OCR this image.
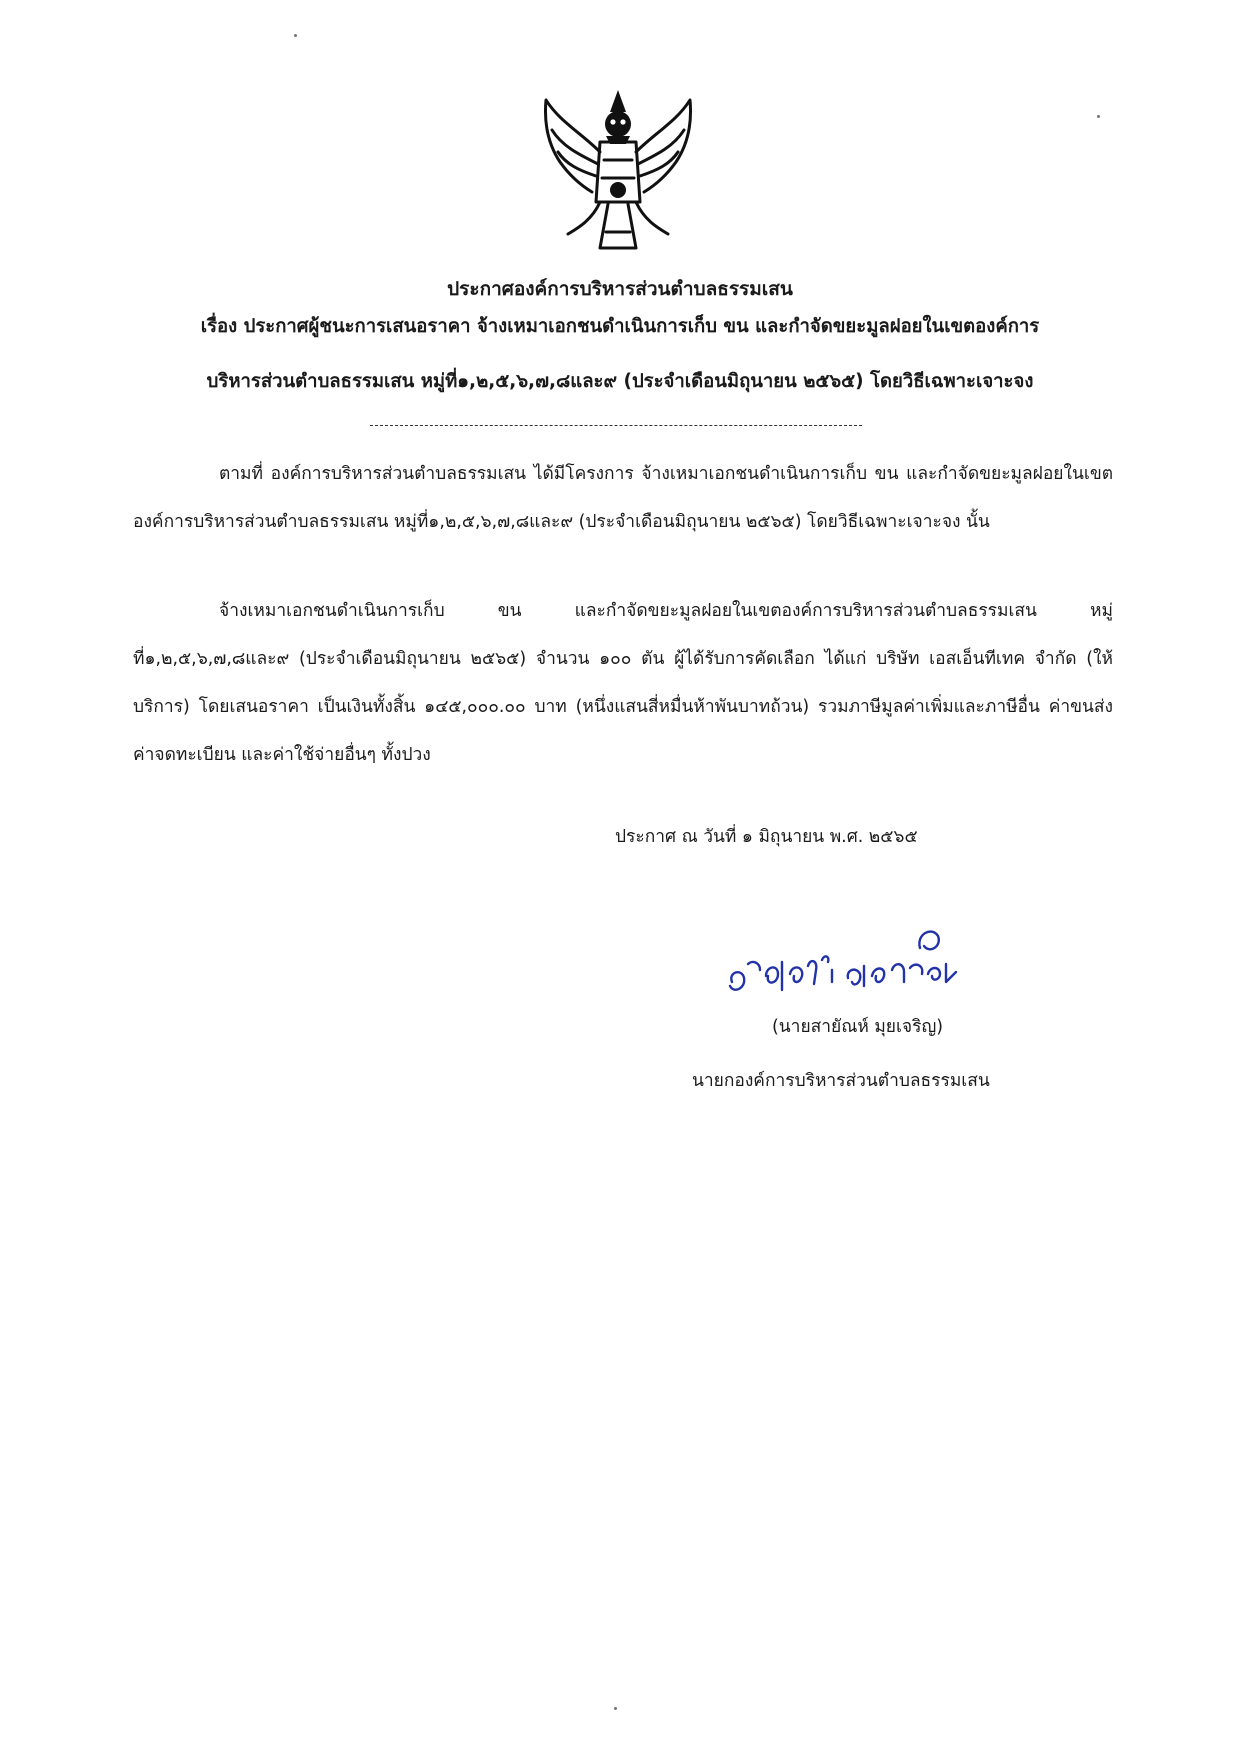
ประกาศองค์การบริหารส่วนตำบลธรรมเสน
เรื่อง ประกาศผู้ชนะการเสนอราคา จ้างเหมาเอกชนดำเนินการเก็บ ขน และกำจัดขยะมูลฝอยในเขตองค์การ
บริหารส่วนตำบลธรรมเสน หมู่ที่๑,๒,๕,๖,๗,๘และ๙ (ประจำเดือนมิถุนายน ๒๕๖๕) โดยวิธีเฉพาะเจาะจง

ตามที่ องค์การบริหารส่วนตำบลธรรมเสน ได้มีโครงการ จ้างเหมาเอกชนดำเนินการเก็บ ขน และกำจัดขยะมูลฝอยในเขตองค์การบริหารส่วนตำบลธรรมเสน หมู่ที่๑,๒,๕,๖,๗,๘และ๙ (ประจำเดือนมิถุนายน ๒๕๖๕) โดยวิธีเฉพาะเจาะจง นั้น

จ้างเหมาเอกชนดำเนินการเก็บ ขน และกำจัดขยะมูลฝอยในเขตองค์การบริหารส่วนตำบลธรรมเสน หมู่ที่๑,๒,๕,๖,๗,๘และ๙ (ประจำเดือนมิถุนายน ๒๕๖๕) จำนวน ๑๐๐ ตัน ผู้ได้รับการคัดเลือก ได้แก่ บริษัท เอสเอ็นทีเทค จำกัด (ให้บริการ) โดยเสนอราคา เป็นเงินทั้งสิ้น ๑๔๕,๐๐๐.๐๐ บาท (หนึ่งแสนสี่หมื่นห้าพันบาทถ้วน) รวมภาษีมูลค่าเพิ่มและภาษีอื่น ค่าขนส่ง ค่าจดทะเบียน และค่าใช้จ่ายอื่นๆ ทั้งปวง

ประกาศ ณ วันที่ ๑ มิถุนายน พ.ศ. ๒๕๖๕
(นายสายัณห์ มุยเจริญ)
นายกองค์การบริหารส่วนตำบลธรรมเสน
